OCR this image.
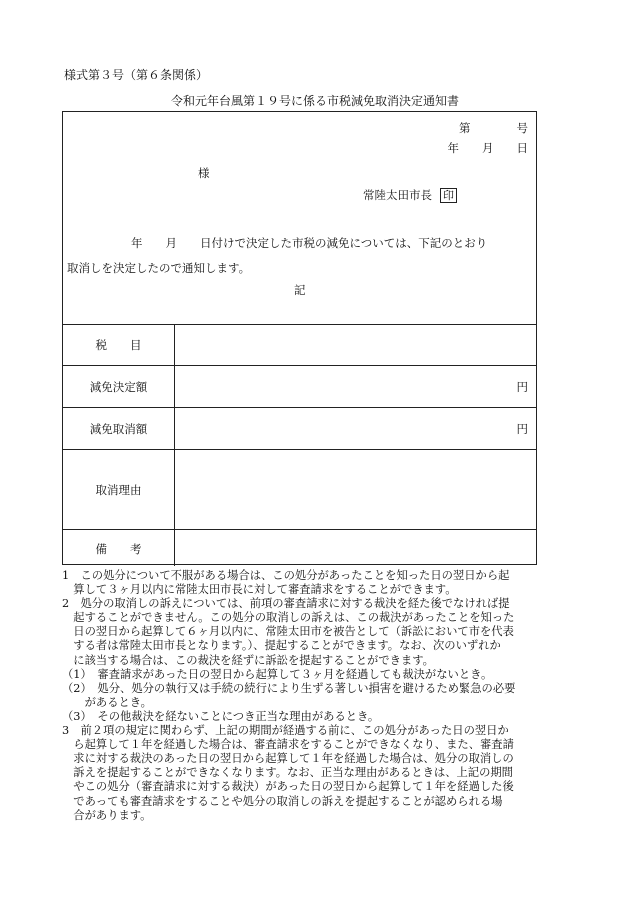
様式第３号（第６条関係）
令和元年台風第１９号に係る市税減免取消決定通知書
第　　　　号
年　　月　　日
様
常陸太田市長 印
年　　月　　日付けで決定した市税の減免については、下記のとおり
取消しを決定したので通知します。
記
税　　目
減免決定額	円
減免取消額	円
取消理由
備　　考
1　この処分について不服がある場合は、この処分があったことを知った日の翌日から起
　算して３ヶ月以内に常陸太田市長に対して審査請求をすることができます。
2　処分の取消しの訴えについては、前項の審査請求に対する裁決を経た後でなければ提
　起することができません。この処分の取消しの訴えは、この裁決があったことを知った
　日の翌日から起算して６ヶ月以内に、常陸太田市を被告として（訴訟において市を代表
　する者は常陸太田市長となります。）、提起することができます。なお、次のいずれか
　に該当する場合は、この裁決を経ずに訴訟を提起することができます。
（1）　審査請求があった日の翌日から起算して３ヶ月を経過しても裁決がないとき。
（2）　処分、処分の執行又は手続の続行により生ずる著しい損害を避けるため緊急の必要
　　があるとき。
（3）　その他裁決を経ないことにつき正当な理由があるとき。
3　前２項の規定に関わらず、上記の期間が経過する前に、この処分があった日の翌日か
　ら起算して１年を経過した場合は、審査請求をすることができなくなり、また、審査請
　求に対する裁決のあった日の翌日から起算して１年を経過した場合は、処分の取消しの
　訴えを提起することができなくなります。なお、正当な理由があるときは、上記の期間
　やこの処分（審査請求に対する裁決）があった日の翌日から起算して１年を経過した後
　であっても審査請求をすることや処分の取消しの訴えを提起することが認められる場
　合があります。
